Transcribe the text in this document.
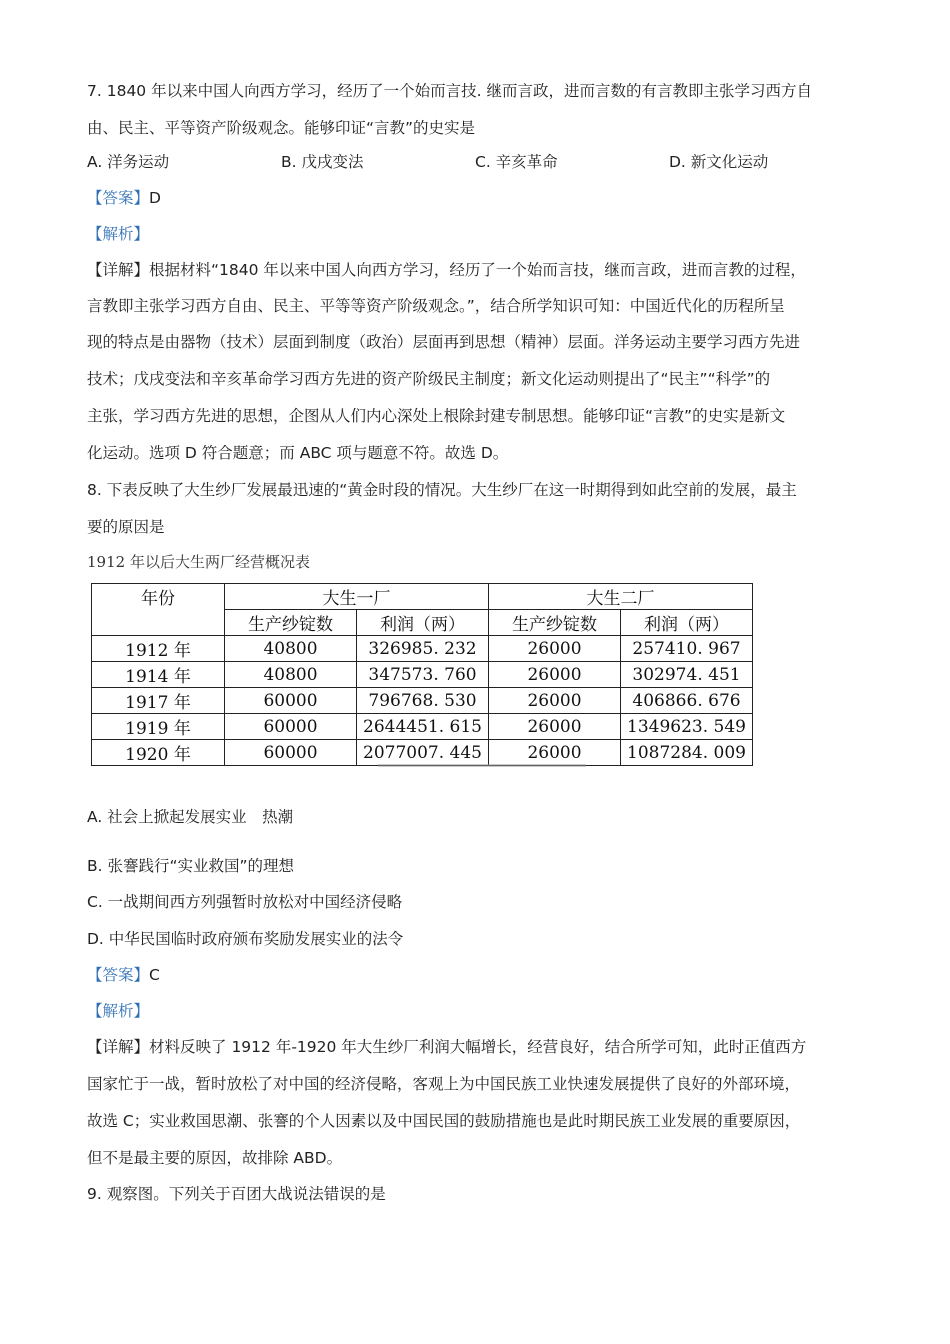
7. 1840 年以来中国人向西方学习，经历了一个始而言技. 继而言政，进而言数的有言教即主张学习西方自
由、民主、平等资产阶级观念。能够印证“言教”的史实是
A. 洋务运动	B. 戊戌变法	C. 辛亥革命	D. 新文化运动
【答案】D
【解析】
【详解】根据材料“1840 年以来中国人向西方学习，经历了一个始而言技，继而言政，进而言教的过程，
言教即主张学习西方自由、民主、平等等资产阶级观念。”，结合所学知识可知：中国近代化的历程所呈
现的特点是由器物（技术）层面到制度（政治）层面再到思想（精神）层面。洋务运动主要学习西方先进
技术；戊戌变法和辛亥革命学习西方先进的资产阶级民主制度；新文化运动则提出了“民主”“科学”的
主张，学习西方先进的思想，企图从人们内心深处上根除封建专制思想。能够印证“言教”的史实是新文
化运动。选项 D 符合题意；而 ABC 项与题意不符。故选 D。
8. 下表反映了大生纱厂发展最迅速的“黄金时段的情况。大生纱厂在这一时期得到如此空前的发展，最主
要的原因是
1912 年以后大生两厂经营概况表
年份	大生一厂		大生二厂	
	生产纱锭数	利润（两）	生产纱锭数	利润（两）
1912 年	40800	326985. 232	26000	257410. 967
1914 年	40800	347573. 760	26000	302974. 451
1917 年	60000	796768. 530	26000	406866. 676
1919 年	60000	2644451. 615	26000	1349623. 549
1920 年	60000	2077007. 445	26000	1087284. 009
A. 社会上掀起发展实业　热潮
B. 张謇践行“实业救国”的理想
C. 一战期间西方列强暂时放松对中国经济侵略
D. 中华民国临时政府颁布奖励发展实业的法令
【答案】C
【解析】
【详解】材料反映了 1912 年-1920 年大生纱厂利润大幅增长，经营良好，结合所学可知，此时正值西方
国家忙于一战，暂时放松了对中国的经济侵略，客观上为中国民族工业快速发展提供了良好的外部环境，
故选 C；实业救国思潮、张謇的个人因素以及中国民国的鼓励措施也是此时期民族工业发展的重要原因，
但不是最主要的原因，故排除 ABD。
9. 观察图。下列关于百团大战说法错误的是
